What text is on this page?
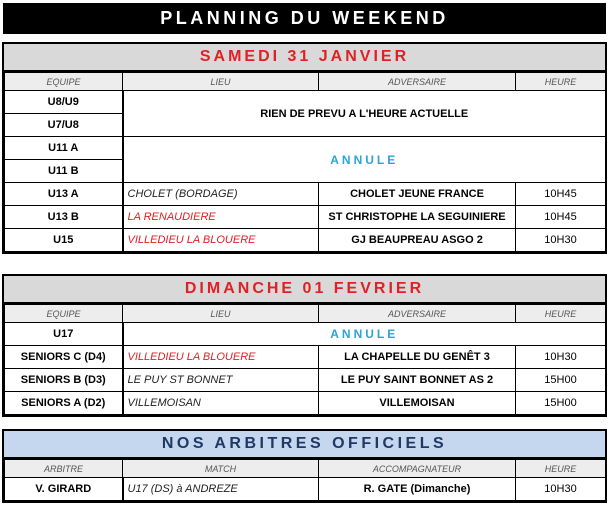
PLANNING DU WEEKEND
SAMEDI 31 JANVIER
EQUIPE	LIEU	ADVERSAIRE	HEURE
U8/U9	RIEN DE PREVU A L'HEURE ACTUELLE		
U7/U8			
U11 A	ANNULE		
U11 B			
U13 A	CHOLET (BORDAGE)	CHOLET JEUNE FRANCE	10H45
U13 B	LA RENAUDIERE	ST CHRISTOPHE LA SEGUINIERE	10H45
U15	VILLEDIEU LA BLOUERE	GJ BEAUPREAU ASGO 2	10H30
DIMANCHE 01 FEVRIER
EQUIPE	LIEU	ADVERSAIRE	HEURE
U17	ANNULE		
SENIORS C (D4)	VILLEDIEU LA BLOUERE	LA CHAPELLE DU GENÊT 3	10H30
SENIORS B (D3)	LE PUY ST BONNET	LE PUY SAINT BONNET AS 2	15H00
SENIORS A (D2)	VILLEMOISAN	VILLEMOISAN	15H00
NOS ARBITRES OFFICIELS
ARBITRE	MATCH	ACCOMPAGNATEUR	HEURE
V. GIRARD	U17 (DS) à ANDREZE	R. GATE (Dimanche)	10H30
